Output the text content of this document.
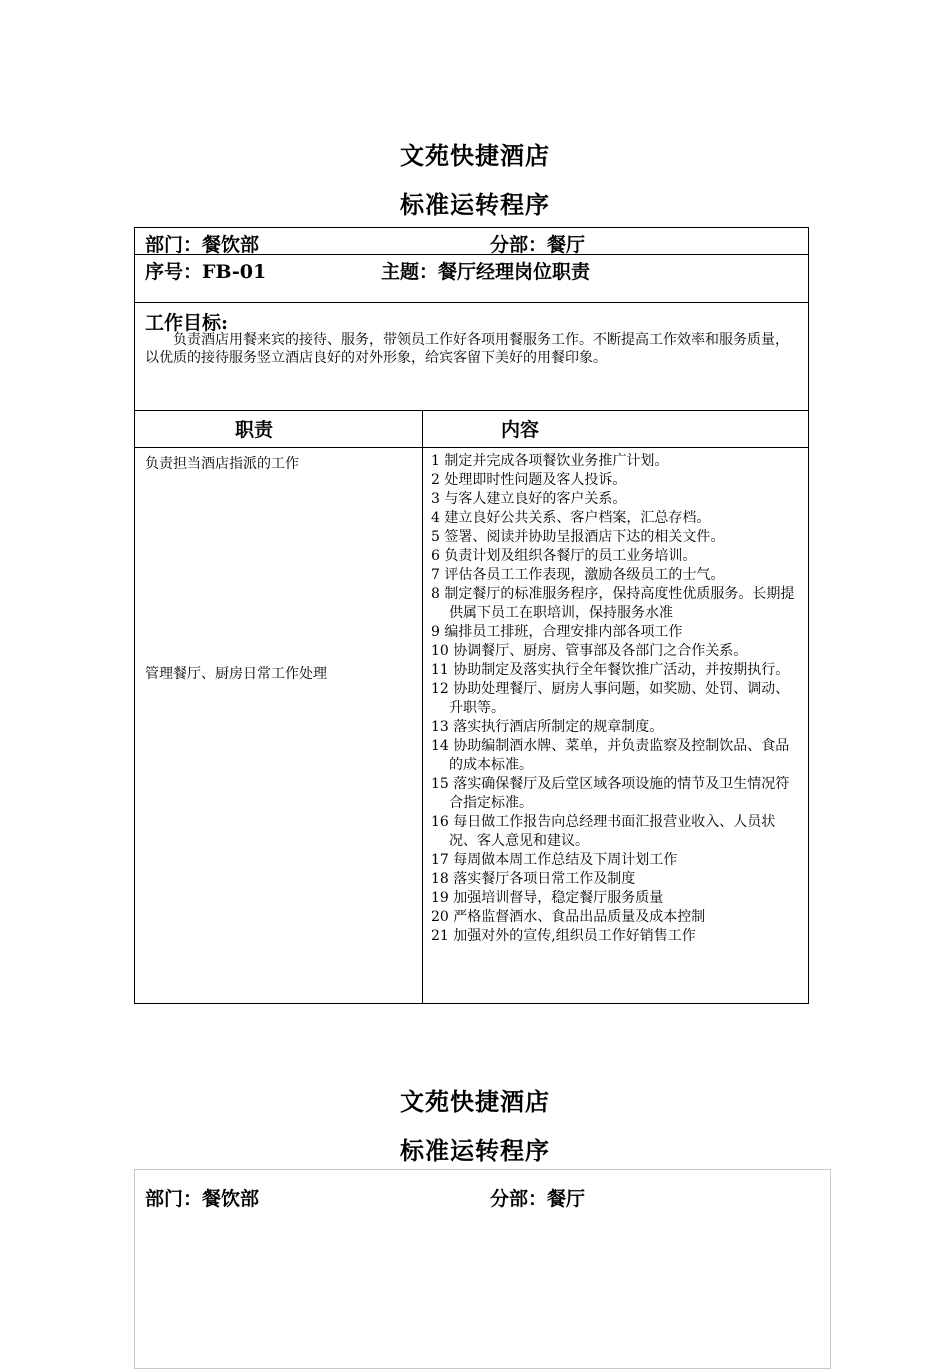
文苑快捷酒店
标准运转程序
部门：餐饮部	分部：餐厅
序号：FB-01	主题：餐厅经理岗位职责
工作目标:

负责酒店用餐来宾的接待、服务，带领员工作好各项用餐服务工作。不断提高工作效率和服务质量，以优质的接待服务竖立酒店良好的对外形象，给宾客留下美好的用餐印象。

职责	内容
负责担当酒店指派的工作
管理餐厅、厨房日常工作处理
1 制定并完成各项餐饮业务推广计划。
2 处理即时性问题及客人投诉。
3 与客人建立良好的客户关系。
4 建立良好公共关系、客户档案，汇总存档。
5 签署、阅读并协助呈报酒店下达的相关文件。
6 负责计划及组织各餐厅的员工业务培训。
7 评估各员工工作表现，激励各级员工的士气。
8 制定餐厅的标准服务程序，保持高度性优质服务。长期提供属下员工在职培训，保持服务水准
9 编排员工排班，合理安排内部各项工作
10 协调餐厅、厨房、管事部及各部门之合作关系。
11 协助制定及落实执行全年餐饮推广活动，并按期执行。
12 协助处理餐厅、厨房人事问题，如奖励、处罚、调动、升职等。
13 落实执行酒店所制定的规章制度。
14 协助编制酒水牌、菜单，并负责监察及控制饮品、食品的成本标准。
15 落实确保餐厅及后堂区域各项设施的情节及卫生情况符合指定标准。
16 每日做工作报告向总经理书面汇报营业收入、人员状况、客人意见和建议。
17 每周做本周工作总结及下周计划工作
18 落实餐厅各项日常工作及制度
19 加强培训督导，稳定餐厅服务质量
20 严格监督酒水、食品出品质量及成本控制
21 加强对外的宣传,组织员工作好销售工作
文苑快捷酒店
标准运转程序
部门：餐饮部	分部：餐厅
